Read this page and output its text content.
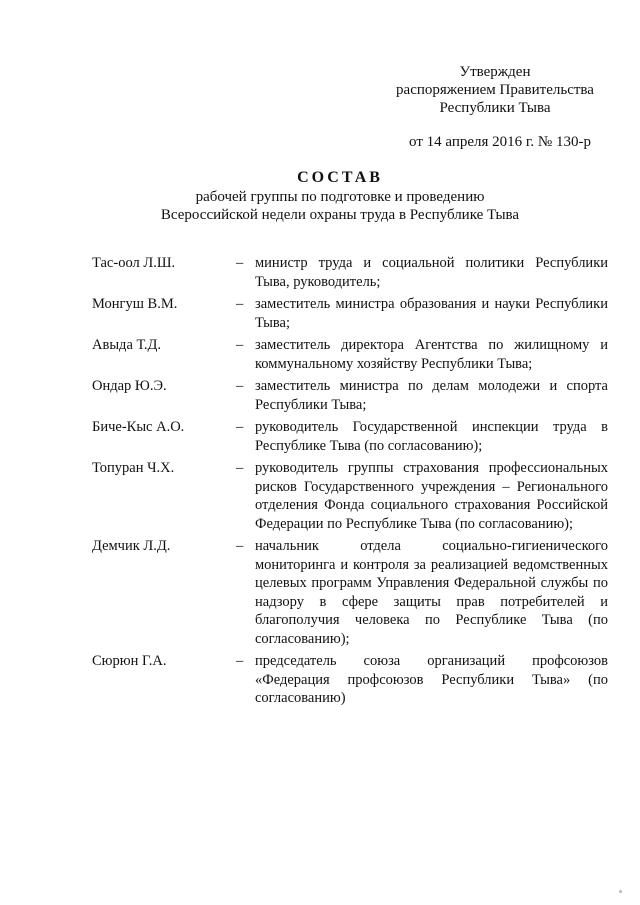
Утвержден
распоряжением Правительства
Республики Тыва
от 14 апреля 2016 г. № 130-р
СОСТАВ
рабочей группы по подготовке и проведению
Всероссийской недели охраны труда в Республике Тыва
Тас-оол Л.Ш.	– министр труда и социальной политики Республики Тыва, руководитель;
Монгуш В.М.	– заместитель министра образования и науки Республики Тыва;
Авыда Т.Д.	– заместитель директора Агентства по жилищному и коммунальному хозяйству Республики Тыва;
Ондар Ю.Э.	– заместитель министра по делам молодежи и спорта Республики Тыва;
Биче-Кыс А.О.	– руководитель Государственной инспекции труда в Республике Тыва (по согласованию);
Топуран Ч.Х.	– руководитель группы страхования профессиональных рисков Государственного учреждения – Регионального отделения Фонда социального страхования Российской Федерации по Республике Тыва (по согласованию);
Демчик Л.Д.	– начальник отдела социально-гигиенического мониторинга и контроля за реализацией ведомственных целевых программ Управления Федеральной службы по надзору в сфере защиты прав потребителей и благополучия человека по Республике Тыва (по согласованию);
Сюрюн Г.А.	– председатель союза организаций профсоюзов «Федерация профсоюзов Республики Тыва» (по согласованию)
